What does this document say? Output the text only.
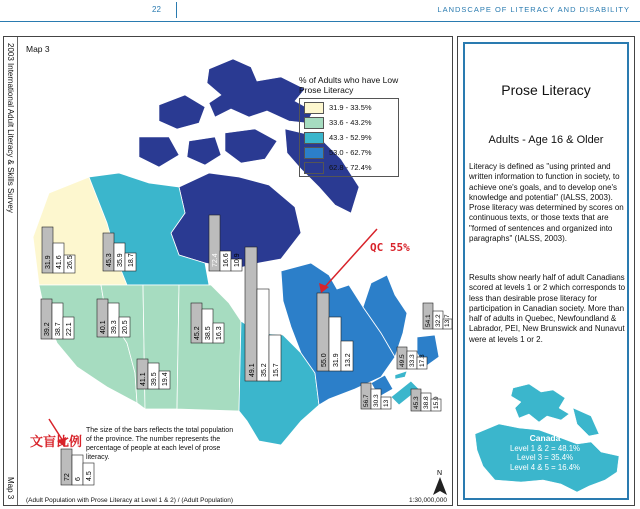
22	LANDSCAPE OF LITERACY AND DISABILITY
2003 International Adult Literacy & Skills Survey
Map 3
Map 3
31.9 41.6 26.5	45.3 35.9 18.7	72.4 16.6 10.9
39.2 38.7 22.1	40.1 39.3 20.5
41.1 39.5 19.4
45.2 38.5 16.3
49.1 35.2 15.7
55.0 31.9 13.2
56.7 30.3 13
49.5 33.3 17.3
45.3 38.8 15.9
54.1 32.2 13.7
72 6 4.5	N
% of Adults who have Low Prose Literacy
31.9 - 33.5%
33.6 - 43.2%
43.3 - 52.9%
53.0 - 62.7%
62.8 - 72.4%
QC 55%
文盲比例
The size of the bars reflects the total population of the province. The number represents the percentage of people at each level of prose literacy.
(Adult Population with Prose Literacy at Level 1 & 2) / (Adult Population)	1:30,000,000
Prose Literacy
Adults - Age 16 & Older
Literacy is defined as "using printed and written information to function in society, to achieve one's goals, and to develop one's knowledge and potential" (IALSS, 2003). Prose literacy was determined by scores on continuous texts, or those texts that are "formed of sentences and organized into paragraphs" (IALSS, 2003).
Results show nearly half of adult Canadians scored at levels 1 or 2 which corresponds to less than desirable prose literacy for participation in Canadian society. More than half of adults in Quebec, Newfoundland & Labrador, PEI, New Brunswick and Nunavut were at levels 1 or 2.
Canada
Level 1 & 2 = 48.1%
Level 3 = 35.4%
Level 4 & 5 = 16.4%
